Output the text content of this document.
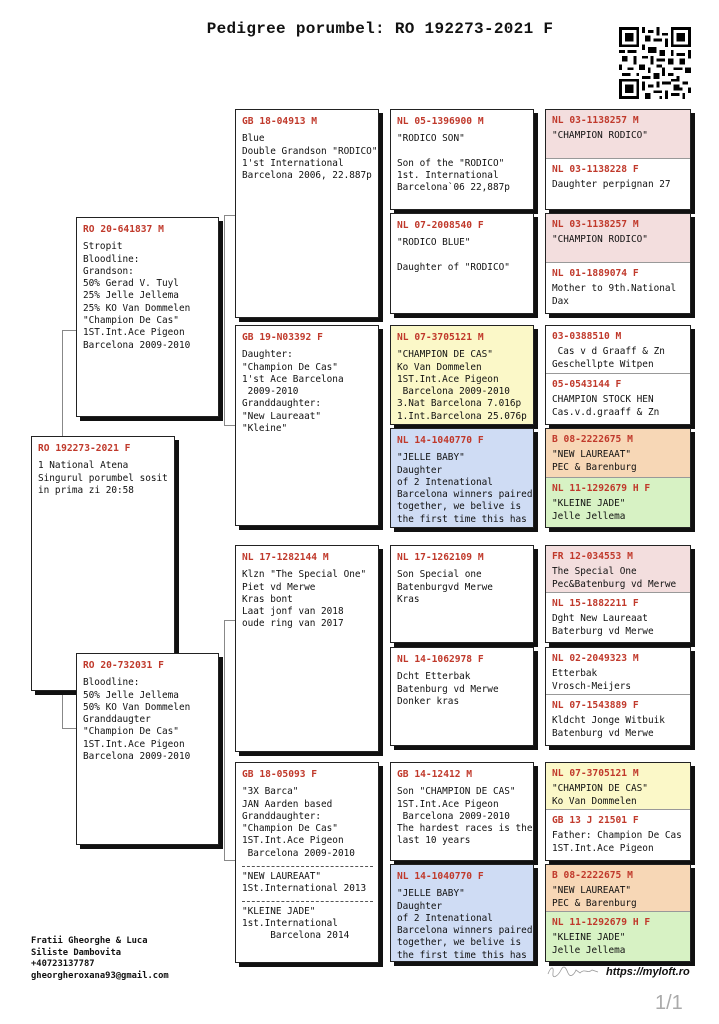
Pedigree porumbel: RO 192273-2021 F
RO 192273-2021 F
1 National Atena
Singurul porumbel sosit
in prima zi 20:58
RO 20-641837 M
Stropit
Bloodline:
Grandson:
50% Gerad V. Tuyl
25% Jelle Jellema
25% KO Van Dommelen
"Champion De Cas"
1ST.Int.Ace Pigeon
Barcelona 2009-2010
RO 20-732031 F
Bloodline:
50% Jelle Jellema
50% KO Van Dommelen
Granddaugter
"Champion De Cas"
1ST.Int.Ace Pigeon
Barcelona 2009-2010
GB 18-04913 M
Blue
Double Grandson "RODICO"
1'st International
Barcelona 2006, 22.887p
GB 19-N03392 F
Daughter:
"Champion De Cas"
1'st Ace Barcelona
2009-2010
Granddaughter:
"New Laureaat"
"Kleine"
NL 17-1282144 M
Klzn "The Special One"
Piet vd Merwe
Kras bont
Laat jonf van 2018
oude ring van 2017
GB 18-05093 F
"3X Barca"
JAN Aarden based
Granddaughter:
"Champion De Cas"
1ST.Int.Ace Pigeon
Barcelona 2009-2010
"NEW LAUREAAT"
1St.International 2013
"KLEINE JADE"
1st.International
Barcelona 2014
NL 05-1396900 M
"RODICO SON"

Son of the "RODICO"
1st. International
Barcelona`06 22,887p
NL 07-2008540 F
"RODICO BLUE"

Daughter of "RODICO"
NL 07-3705121 M
"CHAMPION DE CAS"
Ko Van Dommelen
1ST.Int.Ace Pigeon
Barcelona 2009-2010
3.Nat Barcelona 7.016p
1.Int.Barcelona 25.076p
NL 14-1040770 F
"JELLE BABY"
Daughter
of 2 Intenational
Barcelona winners paired
together, we belive is
the first time this has
NL 17-1262109 M
Son Special one
Batenburgvd Merwe
Kras
NL 14-1062978 F
Dcht Etterbak
Batenburg vd Merwe
Donker kras
GB 14-12412 M
Son "CHAMPION DE CAS"
1ST.Int.Ace Pigeon
Barcelona 2009-2010
The hardest races is the
last 10 years
NL 14-1040770 F
"JELLE BABY"
Daughter
of 2 Intenational
Barcelona winners paired
together, we belive is
the first time this has
NL 03-1138257 M
"CHAMPION RODICO"
NL 03-1138228 F
Daughter perpignan 27
NL 03-1138257 M
"CHAMPION RODICO"
NL 01-1889074 F
Mother to 9th.National
Dax
03-0388510 M
Cas v d Graaff & Zn
Geschellpte Witpen
05-0543144 F
CHAMPION STOCK HEN
Cas.v.d.graaff & Zn
B 08-2222675 M
"NEW LAUREAAT"
PEC & Barenburg
NL 11-1292679 H F
"KLEINE JADE"
Jelle Jellema
FR 12-034553 M
The Special One
Pec&Batenburg vd Merwe
NL 15-1882211 F
Dght New Laureaat
Baterburg vd Merwe
NL 02-2049323 M
Etterbak
Vrosch-Meijers
NL 07-1543889 F
Kldcht Jonge Witbuik
Batenburg vd Merwe
NL 07-3705121 M
"CHAMPION DE CAS"
Ko Van Dommelen
GB 13 J 21501 F
Father: Champion De Cas
1ST.Int.Ace Pigeon
B 08-2222675 M
"NEW LAUREAAT"
PEC & Barenburg
NL 11-1292679 H F
"KLEINE JADE"
Jelle Jellema
Fratii Gheorghe & Luca
Siliste Dambovita
+40723137787
gheorgheroxana93@gmail.com	https://myloft.ro
1/1
